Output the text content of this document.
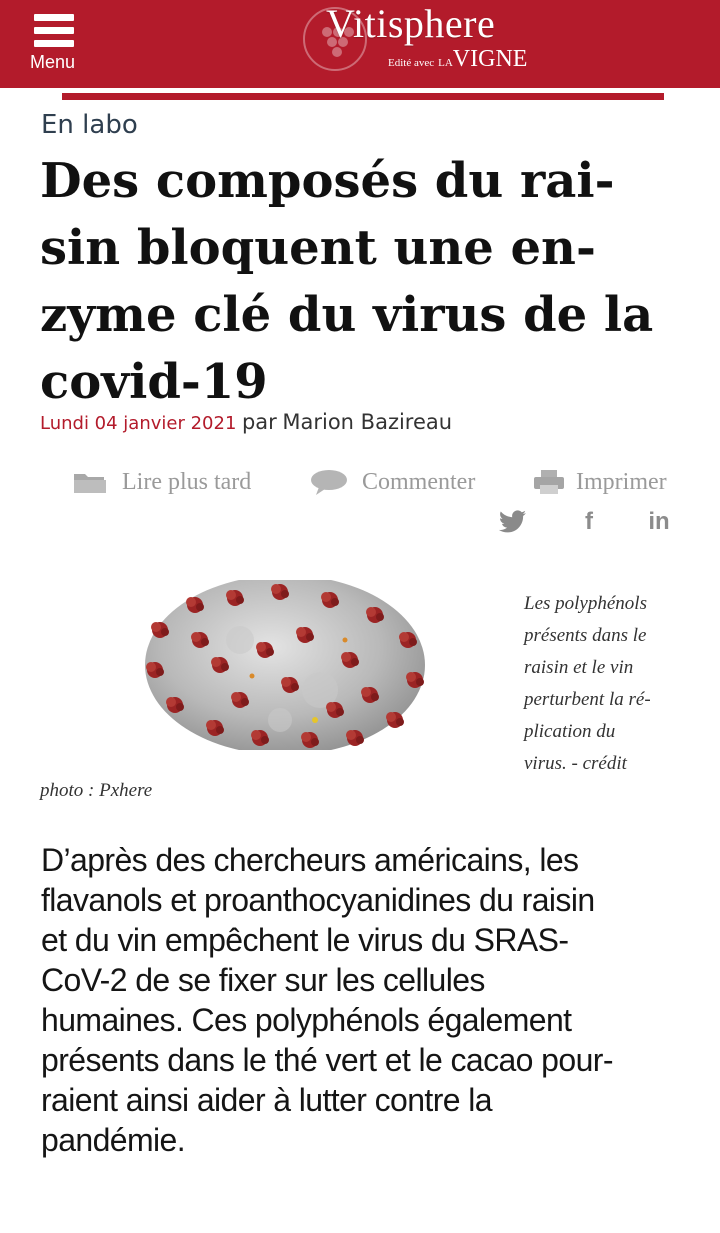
Menu
Vitisphere
Edité avec LAVIGNE
En labo
Des composés du rai-
sin bloquent une en-
zyme clé du virus de la
covid-19
Lundi 04 janvier 2021 par Marion Bazireau
Lire plus tard	Commenter	Imprimer
f in
Les polyphénols
présents dans le
raisin et le vin
perturbent la ré-
plication du
virus. - crédit
photo : Pxhere
D’après des chercheurs américains, les
flavanols et proanthocyanidines du raisin
et du vin empêchent le virus du SRAS-
CoV-2 de se fixer sur les cellules
humaines. Ces polyphénols également
présents dans le thé vert et le cacao pour-
raient ainsi aider à lutter contre la
pandémie.
